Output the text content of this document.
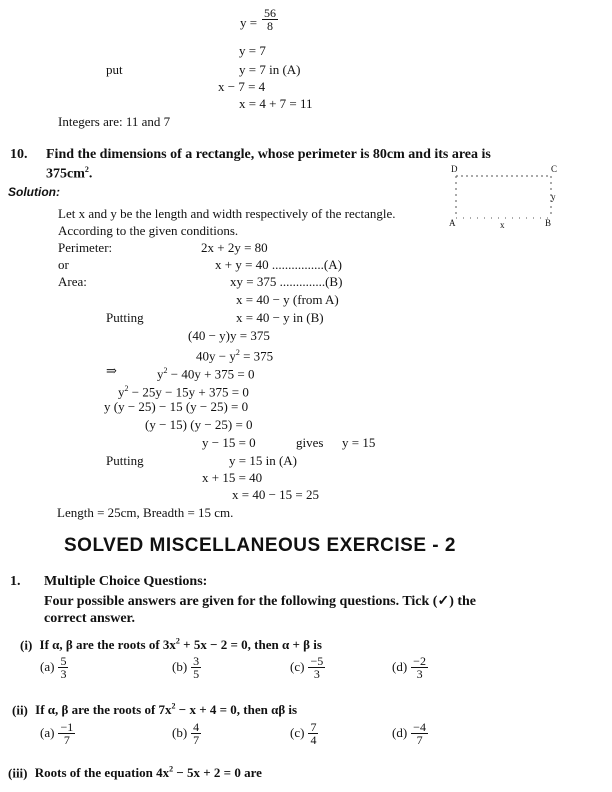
$y = \frac{56}{8}$
y = 7
put	y = 7 in (A)
x − 7 = 4
x = 4 + 7 = 11
Integers are: 11 and 7
10. Find the dimensions of a rectangle, whose perimeter is 80cm and its area is
$375cm^2$.
Solution:
D	C
y
A	x	B
Let x and y be the length and width respectively of the rectangle.
According to the given conditions.
Perimeter:	2x + 2y = 80
or	x + y = 40 ................(A)
Area:	xy = 375 ..............(B)
x = 40 − y (from A)
Putting	x = 40 − y in (B)
(40 − y)y = 375
$40y - y^2 = 375$
⇒	$y^2 - 40y + 375 = 0$
$y^2 - 25y - 15y + 375 = 0$
y (y − 25) − 15 (y − 25) = 0
(y − 15) (y − 25) = 0
y − 15 = 0	gives y = 15
Putting	y = 15 in (A)
x + 15 = 40
x = 40 − 15 = 25
Length = 25cm, Breadth = 15 cm.
SOLVED MISCELLANEOUS EXERCISE - 2
1. Multiple Choice Questions:
Four possible answers are given for the following questions. Tick (✓) the
correct answer.
(i) If α, β are the roots of $3x^2 + 5x - 2 = 0$, then α + β is
$(a) \frac{5}{3}$	$(b) \frac{3}{5}$	$(c) \frac{-5}{3}$	$(d) \frac{-2}{3}$
(ii) If α, β are the roots of $7x^2 - x + 4 = 0$, then αβ is
$(a) \frac{-1}{7}$	$(b) \frac{4}{7}$	$(c) \frac{7}{4}$	$(d) \frac{-4}{7}$
(iii) Roots of the equation $4x^2 - 5x + 2 = 0$ are
